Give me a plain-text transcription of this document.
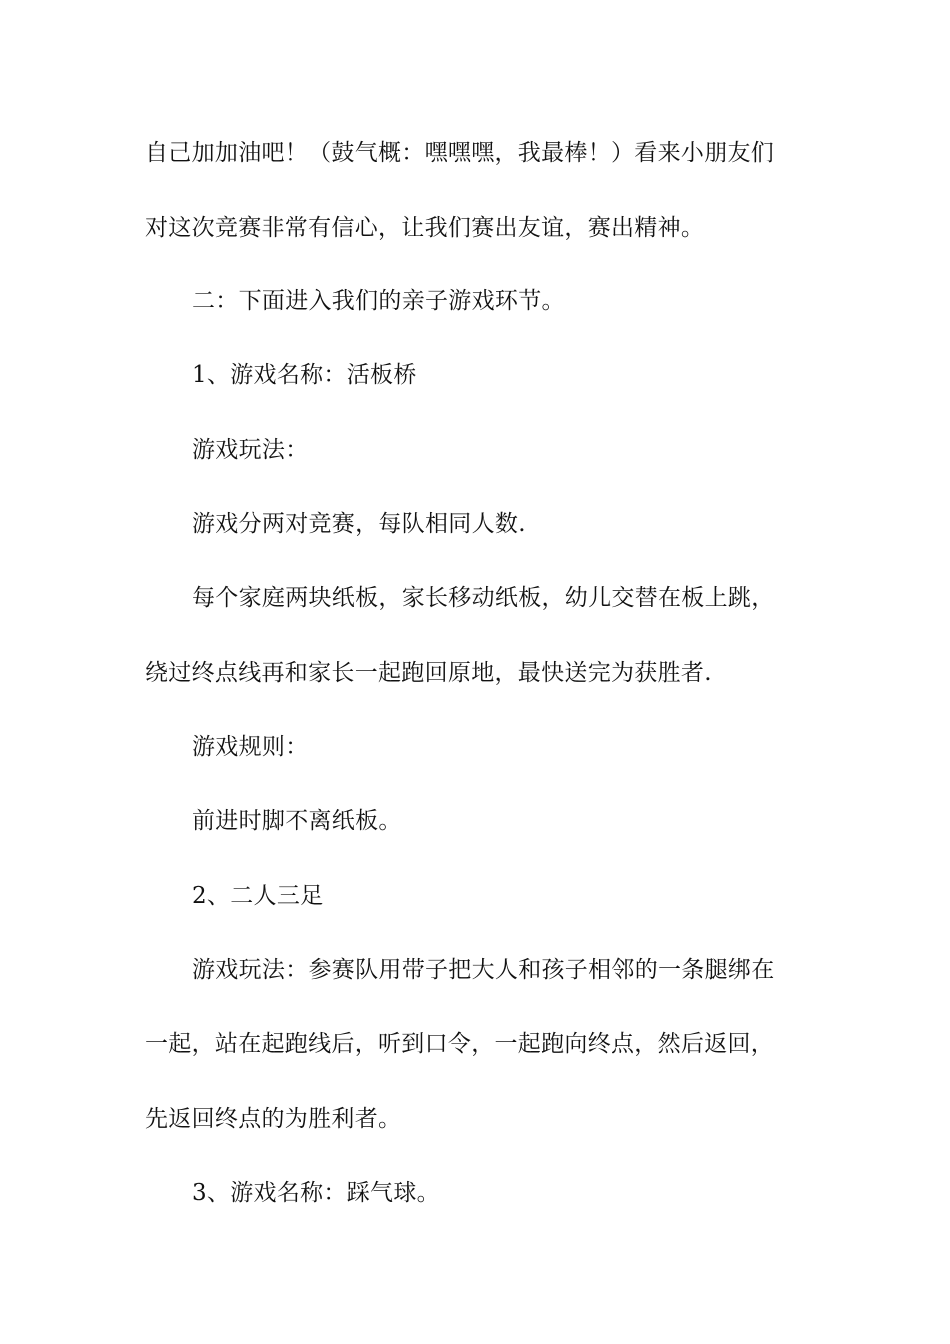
自己加加油吧！（鼓气概：嘿嘿嘿，我最棒！）看来小朋友们
对这次竞赛非常有信心，让我们赛出友谊，赛出精神。
二：下面进入我们的亲子游戏环节。
1、游戏名称：活板桥
游戏玩法：
游戏分两对竞赛，每队相同人数.
每个家庭两块纸板，家长移动纸板，幼儿交替在板上跳，
绕过终点线再和家长一起跑回原地，最快送完为获胜者.
游戏规则：
前进时脚不离纸板。
2、二人三足
游戏玩法：参赛队用带子把大人和孩子相邻的一条腿绑在
一起，站在起跑线后，听到口令，一起跑向终点，然后返回，
先返回终点的为胜利者。
3、游戏名称：踩气球。
